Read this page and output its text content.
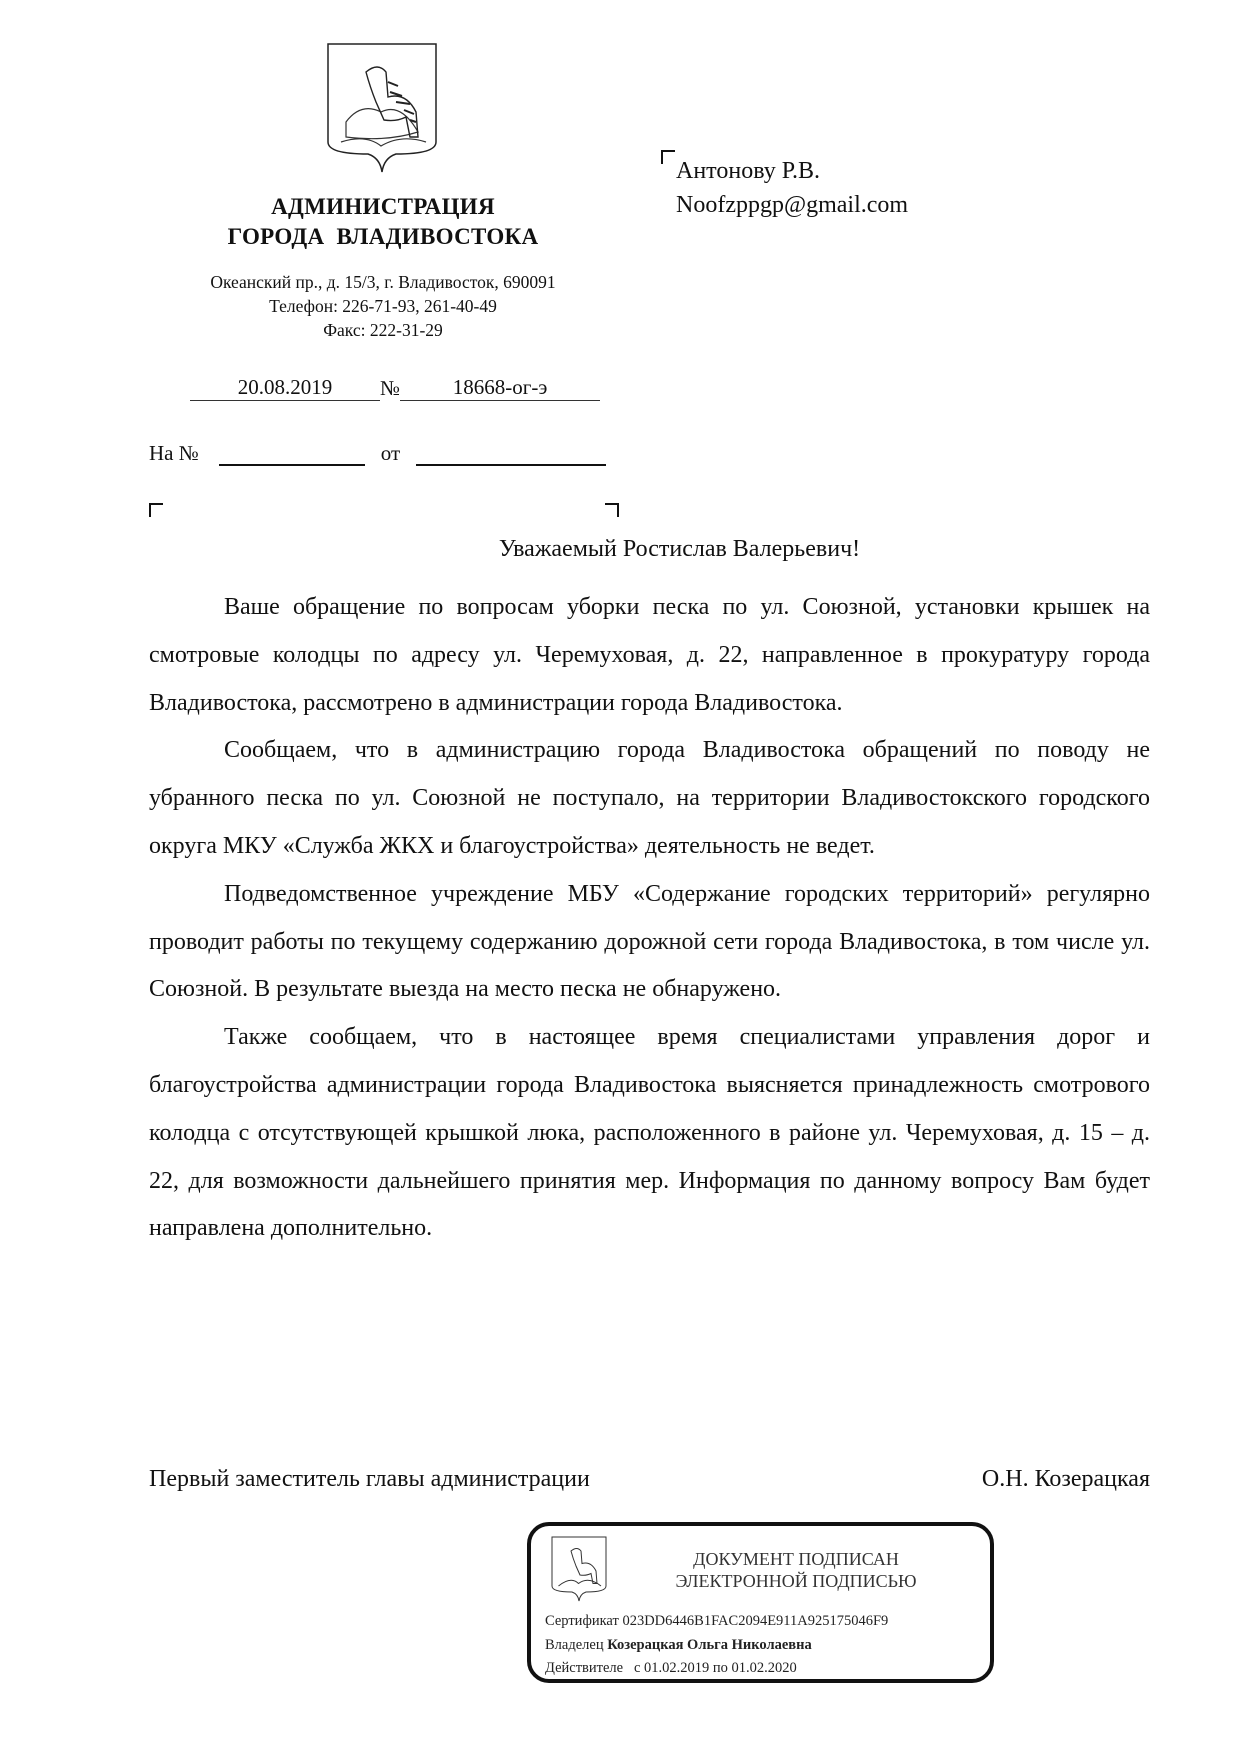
АДМИНИСТРАЦИЯ
ГОРОДА  ВЛАДИВОСТОКА
Океанский пр., д. 15/3, г. Владивосток, 690091
Телефон: 226-71-93, 261-40-49
Факс: 222-31-29
20.08.2019	№	18668-ог-э
На №	от
Антонову Р.В.
Noofzppgp@gmail.com
Уважаемый Ростислав Валерьевич!

Ваше обращение по вопросам уборки песка по ул. Союзной, установки крышек на смотровые колодцы по адресу ул. Черемуховая, д. 22, направленное в прокуратуру города Владивостока, рассмотрено в администрации города Владивостока.

Сообщаем, что в администрацию города Владивостока обращений по поводу не убранного песка по ул. Союзной не поступало, на территории Владивостокского городского округа МКУ «Служба ЖКХ и благоустройства» деятельность не ведет.

Подведомственное учреждение МБУ «Содержание городских территорий» регулярно проводит работы по текущему содержанию дорожной сети города Владивостока, в том числе ул. Союзной. В результате выезда на место песка не обнаружено.

Также сообщаем, что в настоящее время специалистами управления дорог и благоустройства администрации города Владивостока выясняется принадлежность смотрового колодца с отсутствующей крышкой люка, расположенного в районе ул. Черемуховая, д. 15 – д. 22, для возможности дальнейшего принятия мер. Информация по данному вопросу Вам будет направлена дополнительно.

Первый заместитель главы администрации	О.Н. Козерацкая
ДОКУМЕНТ ПОДПИСАН
ЭЛЕКТРОННОЙ ПОДПИСЬЮ
Сертификат 023DD6446B1FAC2094E911A925175046F9
Владелец Козерацкая Ольга Николаевна
Действителе с 01.02.2019 по 01.02.2020
